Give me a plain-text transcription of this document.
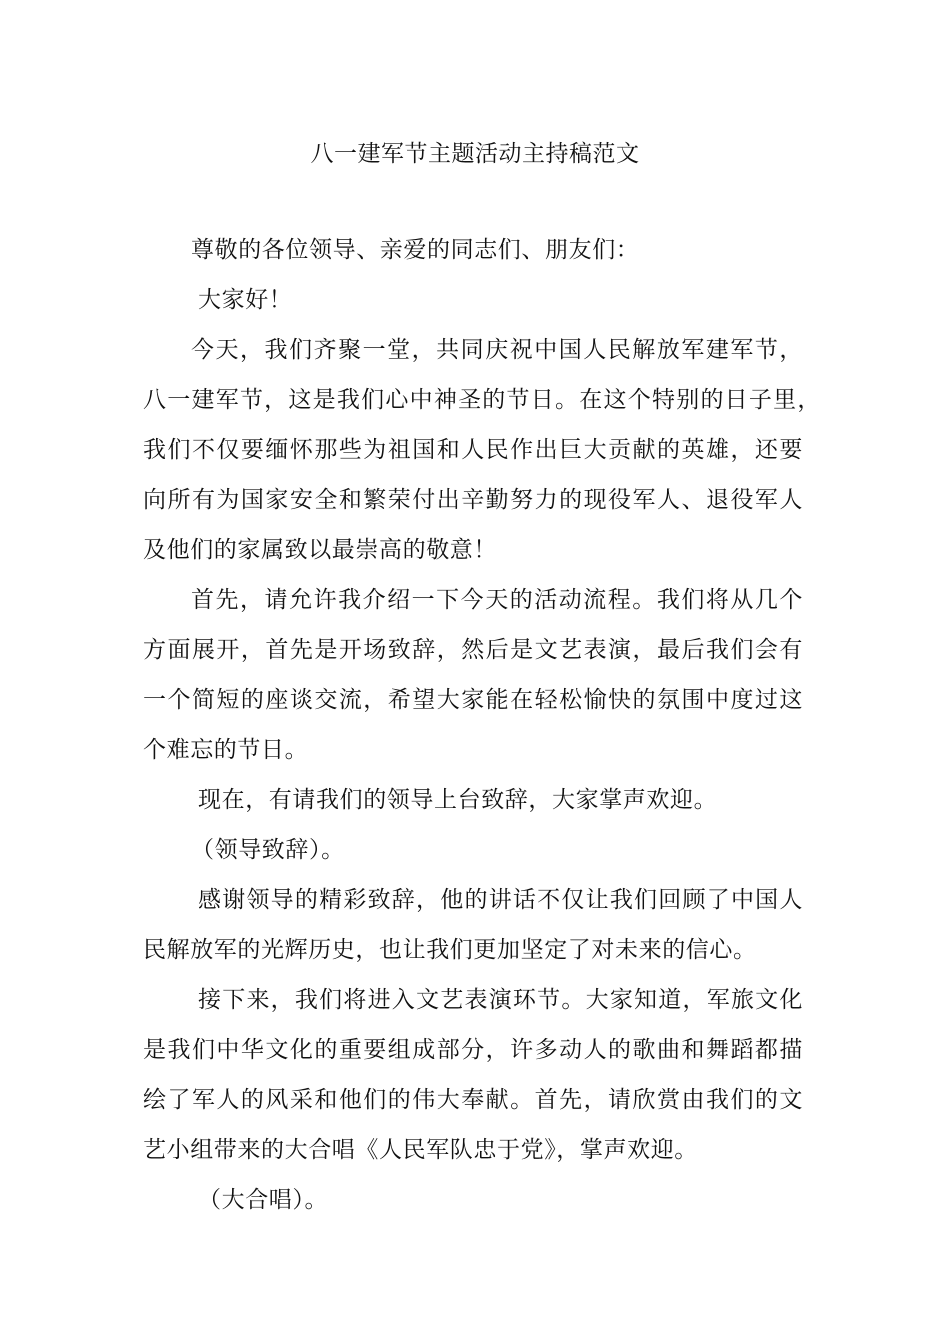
八一建军节主题活动主持稿范文
尊敬的各位领导、亲爱的同志们、朋友们：
大家好！
今天，我们齐聚一堂，共同庆祝中国人民解放军建军节，
八一建军节，这是我们心中神圣的节日。在这个特别的日子里，
我们不仅要缅怀那些为祖国和人民作出巨大贡献的英雄，还要
向所有为国家安全和繁荣付出辛勤努力的现役军人、退役军人
及他们的家属致以最崇高的敬意！
首先，请允许我介绍一下今天的活动流程。我们将从几个
方面展开，首先是开场致辞，然后是文艺表演，最后我们会有
一个简短的座谈交流，希望大家能在轻松愉快的氛围中度过这
个难忘的节日。
现在，有请我们的领导上台致辞，大家掌声欢迎。
（领导致辞）。
感谢领导的精彩致辞，他的讲话不仅让我们回顾了中国人
民解放军的光辉历史，也让我们更加坚定了对未来的信心。
接下来，我们将进入文艺表演环节。大家知道，军旅文化
是我们中华文化的重要组成部分，许多动人的歌曲和舞蹈都描
绘了军人的风采和他们的伟大奉献。首先，请欣赏由我们的文
艺小组带来的大合唱《人民军队忠于党》，掌声欢迎。
（大合唱）。
